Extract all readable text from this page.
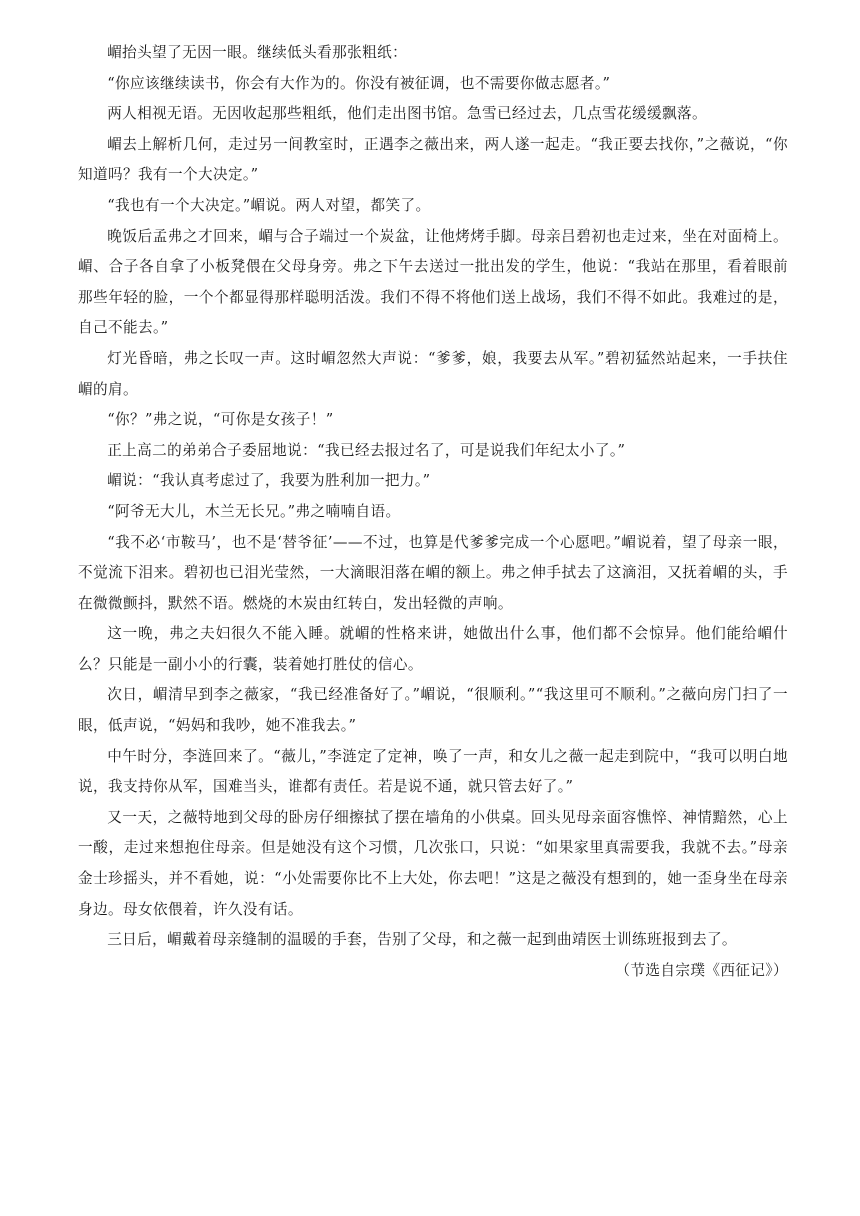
嵋抬头望了无因一眼。继续低头看那张粗纸：

“你应该继续读书，你会有大作为的。你没有被征调，也不需要你做志愿者。”

两人相视无语。无因收起那些粗纸，他们走出图书馆。急雪已经过去，几点雪花缓缓飘落。

嵋去上解析几何，走过另一间教室时，正遇李之薇出来，两人遂一起走。“我正要去找你，”之薇说，“你知道吗？我有一个大决定。”

“我也有一个大决定。”嵋说。两人对望，都笑了。

晚饭后孟弗之才回来，嵋与合子端过一个炭盆，让他烤烤手脚。母亲吕碧初也走过来，坐在对面椅上。嵋、合子各自拿了小板凳偎在父母身旁。弗之下午去送过一批出发的学生，他说：“我站在那里，看着眼前那些年轻的脸，一个个都显得那样聪明活泼。我们不得不将他们送上战场，我们不得不如此。我难过的是，自己不能去。”

灯光昏暗，弗之长叹一声。这时嵋忽然大声说：“爹爹，娘，我要去从军。”碧初猛然站起来，一手扶住嵋的肩。

“你？”弗之说，“可你是女孩子！”

正上高二的弟弟合子委屈地说：“我已经去报过名了，可是说我们年纪太小了。”

嵋说：“我认真考虑过了，我要为胜利加一把力。”

“阿爷无大儿，木兰无长兄。”弗之喃喃自语。

“我不必‘市鞍马’，也不是‘替爷征’——不过，也算是代爹爹完成一个心愿吧。”嵋说着，望了母亲一眼，不觉流下泪来。碧初也已泪光莹然，一大滴眼泪落在嵋的额上。弗之伸手拭去了这滴泪，又抚着嵋的头，手在微微颤抖，默然不语。燃烧的木炭由红转白，发出轻微的声响。

这一晚，弗之夫妇很久不能入睡。就嵋的性格来讲，她做出什么事，他们都不会惊异。他们能给嵋什么？只能是一副小小的行囊，装着她打胜仗的信心。

次日，嵋清早到李之薇家，“我已经准备好了。”嵋说，“很顺利。”“我这里可不顺利。”之薇向房门扫了一眼，低声说，“妈妈和我吵，她不准我去。”

中午时分，李涟回来了。“薇儿，”李涟定了定神，唤了一声，和女儿之薇一起走到院中，“我可以明白地说，我支持你从军，国难当头，谁都有责任。若是说不通，就只管去好了。”

又一天，之薇特地到父母的卧房仔细擦拭了摆在墙角的小供桌。回头见母亲面容憔悴、神情黯然，心上一酸，走过来想抱住母亲。但是她没有这个习惯，几次张口，只说：“如果家里真需要我，我就不去。”母亲金士珍摇头，并不看她，说：“小处需要你比不上大处，你去吧！”这是之薇没有想到的，她一歪身坐在母亲身边。母女依偎着，许久没有话。

三日后，嵋戴着母亲缝制的温暖的手套，告别了父母，和之薇一起到曲靖医士训练班报到去了。

（节选自宗璞《西征记》）
